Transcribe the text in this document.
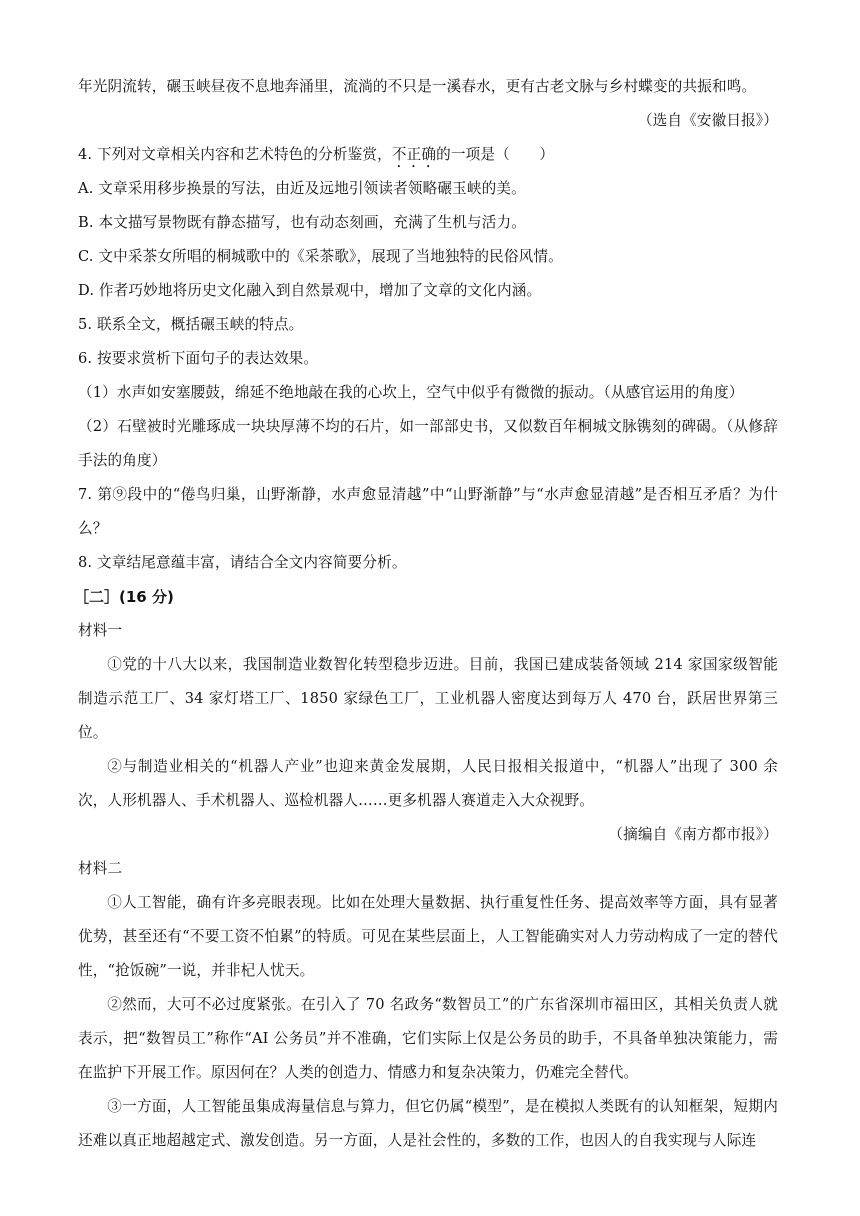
年光阴流转，碾玉峡昼夜不息地奔涌里，流淌的不只是一溪春水，更有古老文脉与乡村蝶变的共振和鸣。
（选自《安徽日报》）
4. 下列对文章相关内容和艺术特色的分析鉴赏，不正确的一项是（　　）
A. 文章采用移步换景的写法，由近及远地引领读者领略碾玉峡的美。
B. 本文描写景物既有静态描写，也有动态刻画，充满了生机与活力。
C. 文中采茶女所唱的桐城歌中的《采茶歌》，展现了当地独特的民俗风情。
D. 作者巧妙地将历史文化融入到自然景观中，增加了文章的文化内涵。
5. 联系全文，概括碾玉峡的特点。
6. 按要求赏析下面句子的表达效果。
（1）水声如安塞腰鼓，绵延不绝地敲在我的心坎上，空气中似乎有微微的振动。（从感官运用的角度）
（2）石壁被时光雕琢成一块块厚薄不均的石片，如一部部史书，又似数百年桐城文脉镌刻的碑碣。（从修辞手法的角度）
7. 第⑨段中的“倦鸟归巢，山野渐静，水声愈显清越”中“山野渐静”与“水声愈显清越”是否相互矛盾？为什么？
8. 文章结尾意蕴丰富，请结合全文内容简要分析。
［二］(16 分)
材料一
①党的十八大以来，我国制造业数智化转型稳步迈进。目前，我国已建成装备领域 214 家国家级智能制造示范工厂、34 家灯塔工厂、1850 家绿色工厂，工业机器人密度达到每万人 470 台，跃居世界第三位。
②与制造业相关的“机器人产业”也迎来黄金发展期，人民日报相关报道中，“机器人”出现了 300 余次，人形机器人、手术机器人、巡检机器人……更多机器人赛道走入大众视野。
（摘编自《南方都市报》）
材料二
①人工智能，确有许多亮眼表现。比如在处理大量数据、执行重复性任务、提高效率等方面，具有显著优势，甚至还有“不要工资不怕累”的特质。可见在某些层面上，人工智能确实对人力劳动构成了一定的替代性，“抢饭碗”一说，并非杞人忧天。
②然而，大可不必过度紧张。在引入了 70 名政务“数智员工”的广东省深圳市福田区，其相关负责人就表示，把“数智员工”称作“AI 公务员”并不准确，它们实际上仅是公务员的助手，不具备单独决策能力，需在监护下开展工作。原因何在？人类的创造力、情感力和复杂决策力，仍难完全替代。
③一方面，人工智能虽集成海量信息与算力，但它仍属“模型”，是在模拟人类既有的认知框架，短期内还难以真正地超越定式、激发创造。另一方面，人是社会性的，多数的工作，也因人的自我实现与人际连
